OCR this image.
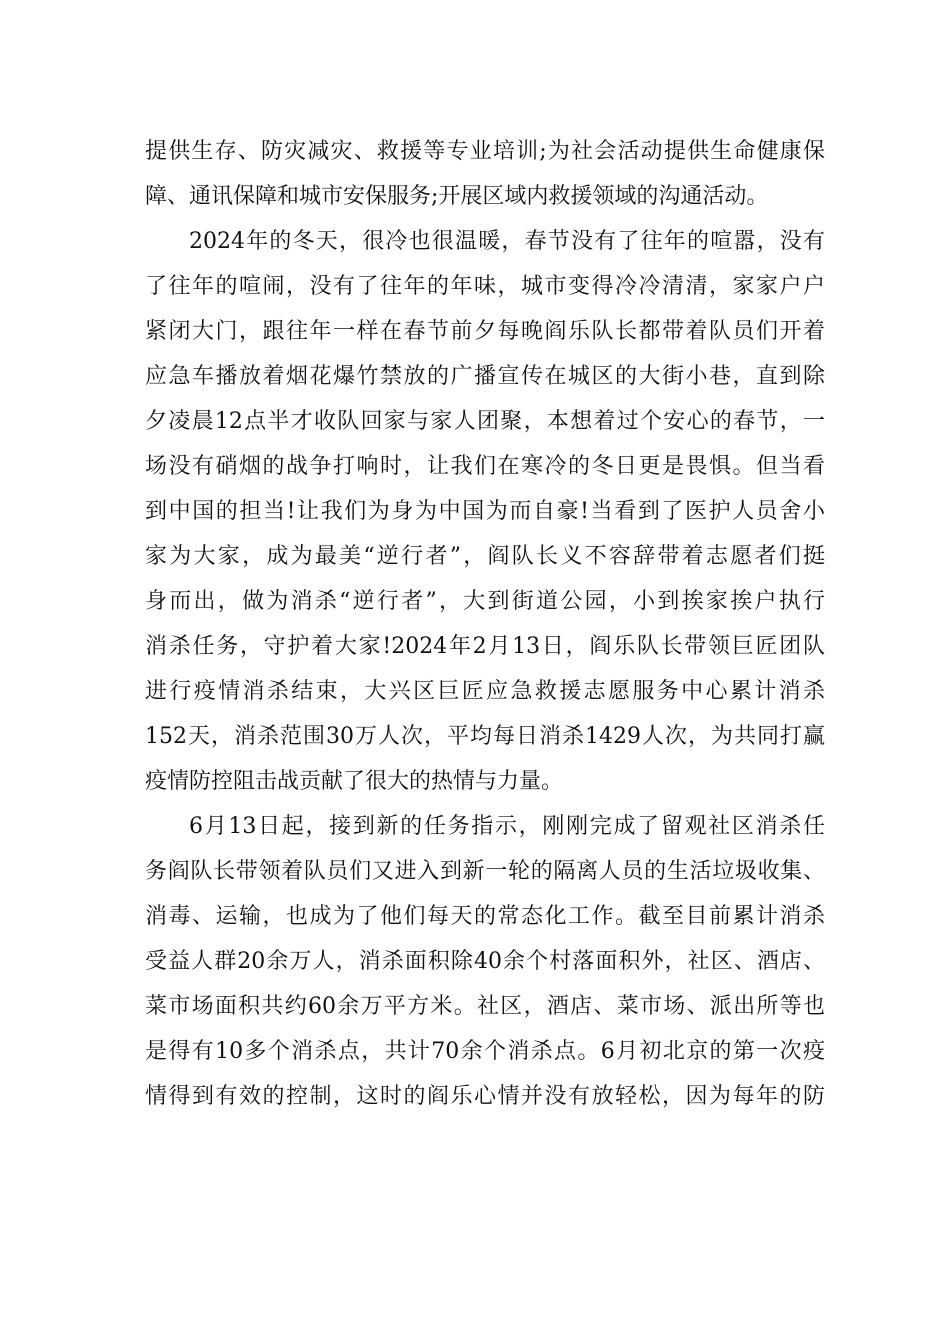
提供生存、防灾减灾、救援等专业培训;为社会活动提供生命健康保
障、通讯保障和城市安保服务;开展区域内救援领域的沟通活动。
2024年的冬天，很冷也很温暖，春节没有了往年的喧嚣，没有
了往年的喧闹，没有了往年的年味，城市变得冷冷清清，家家户户
紧闭大门，跟往年一样在春节前夕每晚阎乐队长都带着队员们开着
应急车播放着烟花爆竹禁放的广播宣传在城区的大街小巷，直到除
夕凌晨12点半才收队回家与家人团聚，本想着过个安心的春节，一
场没有硝烟的战争打响时，让我们在寒冷的冬日更是畏惧。但当看
到中国的担当!让我们为身为中国为而自豪!当看到了医护人员舍小
家为大家，成为最美“逆行者”，阎队长义不容辞带着志愿者们挺
身而出，做为消杀“逆行者”，大到街道公园，小到挨家挨户执行
消杀任务，守护着大家!2024年2月13日，阎乐队长带领巨匠团队
进行疫情消杀结束，大兴区巨匠应急救援志愿服务中心累计消杀
152天，消杀范围30万人次，平均每日消杀1429人次，为共同打赢
疫情防控阻击战贡献了很大的热情与力量。
6月13日起，接到新的任务指示，刚刚完成了留观社区消杀任
务阎队长带领着队员们又进入到新一轮的隔离人员的生活垃圾收集、
消毒、运输，也成为了他们每天的常态化工作。截至目前累计消杀
受益人群20余万人，消杀面积除40余个村落面积外，社区、酒店、
菜市场面积共约60余万平方米。社区，酒店、菜市场、派出所等也
是得有10多个消杀点，共计70余个消杀点。6月初北京的第一次疫
情得到有效的控制，这时的阎乐心情并没有放轻松，因为每年的防
